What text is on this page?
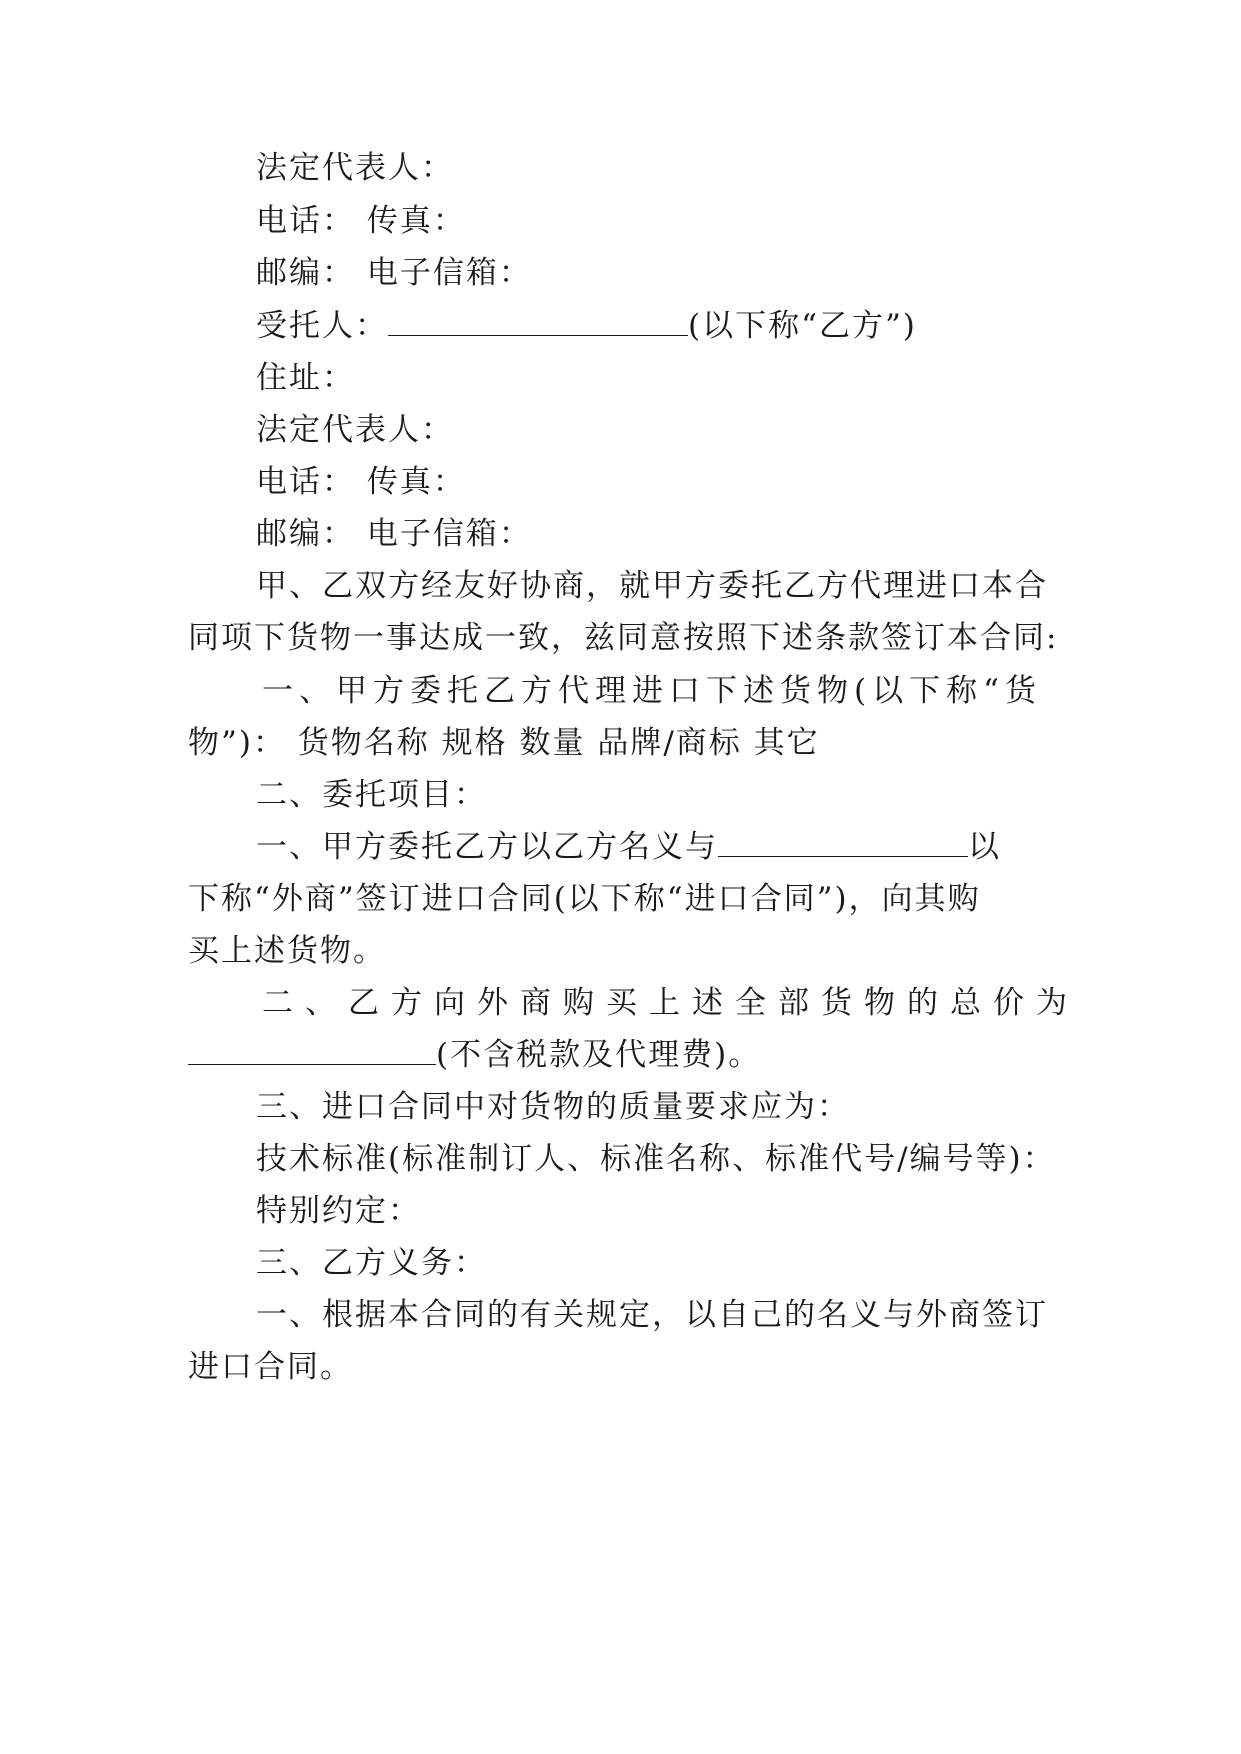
法定代表人：
电话： 传真：
邮编： 电子信箱：
受托人：	(以下称“乙方”)
住址：
法定代表人：
电话： 传真：
邮编： 电子信箱：
甲、乙双方经友好协商，就甲方委托乙方代理进口本合
同项下货物一事达成一致，兹同意按照下述条款签订本合同:
一、甲方委托乙方代理进口下述货物(以下称“货
物”)： 货物名称 规格 数量 品牌/商标 其它
二、委托项目：
一、甲方委托乙方以乙方名义与	以
下称“外商”签订进口合同(以下称“进口合同”)，向其购
买上述货物。
二、乙方向外商购买上述全部货物的总价为
(不含税款及代理费)。
三、进口合同中对货物的质量要求应为：
技术标准(标准制订人、标准名称、标准代号/编号等)：
特别约定：
三、乙方义务：
一、根据本合同的有关规定，以自己的名义与外商签订
进口合同。
